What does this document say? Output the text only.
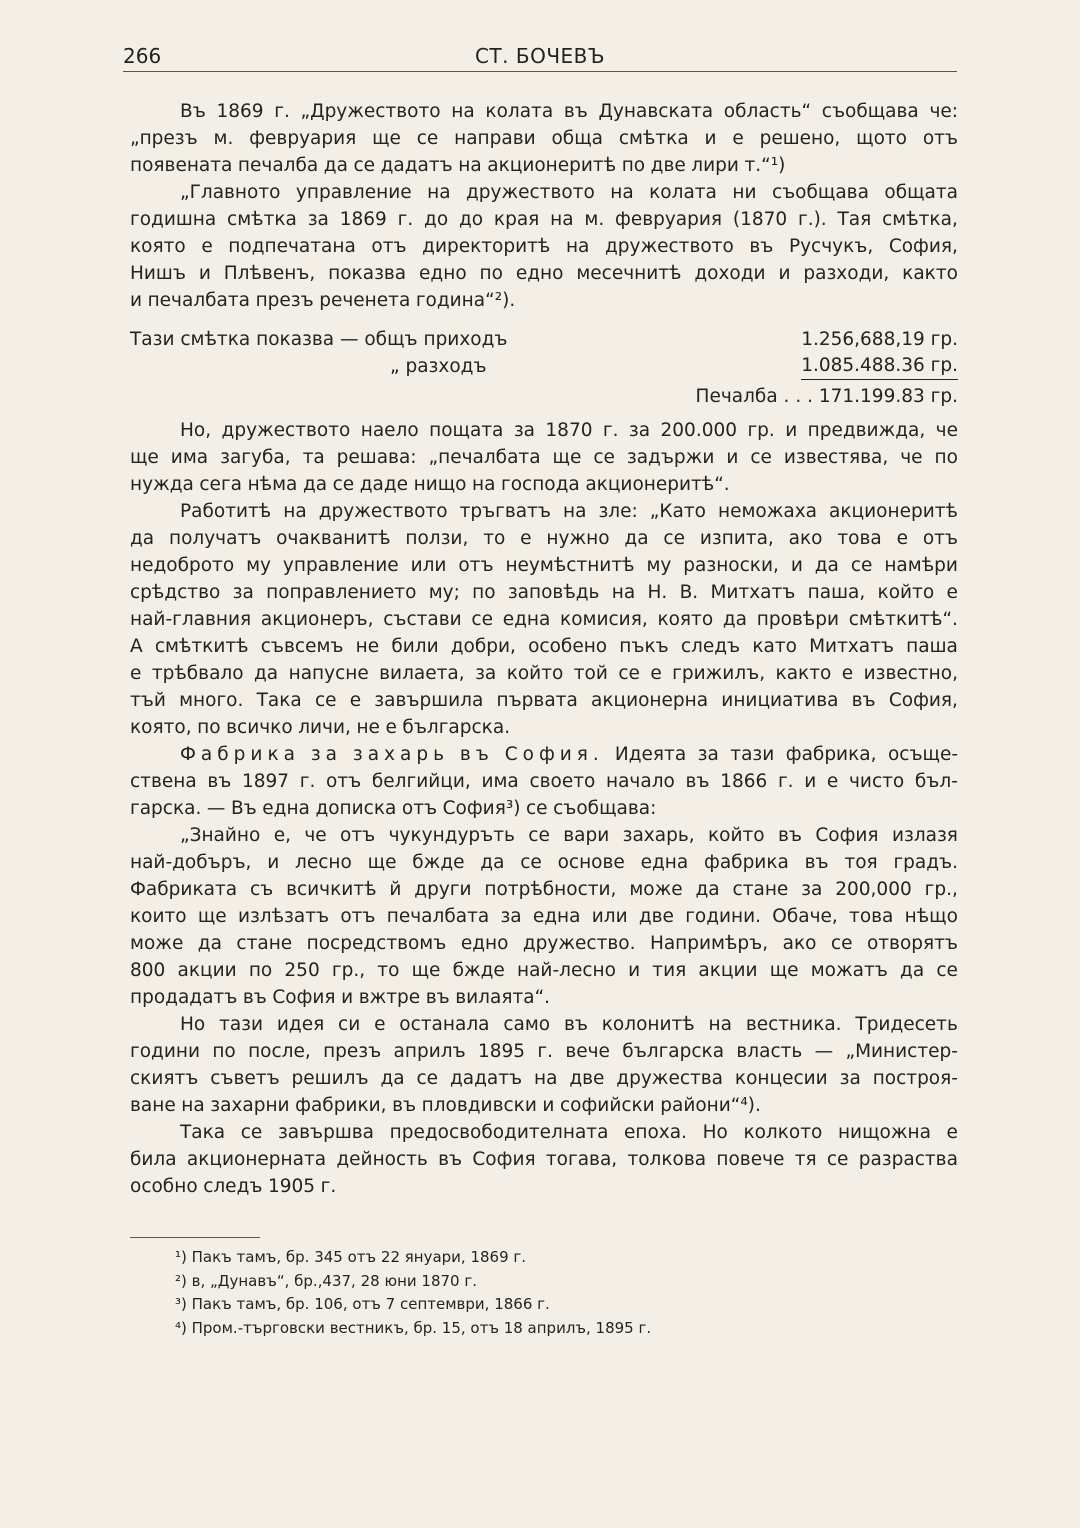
266	СТ. БОЧЕВЪ
Въ 1869 г. „Дружеството на колата въ Дунавската область“ съобщава че:
„презъ м. февруария ще се направи обща смѣтка и е решено, щото отъ
появената печалба да се дадатъ на акционеритѣ по две лири т.“¹)
„Главното управление на дружеството на колата ни съобщава общата
годишна смѣтка за 1869 г. до до края на м. февруария (1870 г.). Тая смѣтка,
която е подпечатана отъ директоритѣ на дружеството въ Русчукъ, София,
Нишъ и Плѣвенъ, показва едно по едно месечнитѣ доходи и разходи, както
и печалбата презъ реченета година“²).
Тази смѣтка показва — общъ приходъ	1.256,688,19 гр.
„ разходъ	1.085.488.36 гр.
Печалба . . . 171.199.83 гр.
Но, дружеството наело пощата за 1870 г. за 200.000 гр. и предвижда, че
ще има загуба, та решава: „печалбата ще се задържи и се известява, че по
нужда сега нѣма да се даде нищо на господа акционеритѣ“.
Работитѣ на дружеството тръгватъ на зле: „Като неможаха акционеритѣ
да получатъ очакванитѣ ползи, то е нужно да се изпита, ако това е отъ
недоброто му управление или отъ неумѣстнитѣ му разноски, и да се намѣри
срѣдство за поправлението му; по заповѣдь на Н. В. Митхатъ паша, който е
най-главния акционеръ, състави се една комисия, която да провѣри смѣткитѣ“.
А смѣткитѣ съвсемъ не били добри, особено пъкъ следъ като Митхатъ паша
е трѣбвало да напусне вилаета, за който той се е грижилъ, както е известно,
тъй много. Така се е завършила първата акционерна инициатива въ София,
която, по всичко личи, не е българска.
Фабрика за захарь въ София. Идеята за тази фабрика, осъще-
ствена въ 1897 г. отъ белгийци, има своето начало въ 1866 г. и е чисто бъл-
гарска. — Въ една дописка отъ София³) се съобщава:
„Знайно е, че отъ чукундуръть се вари захарь, който въ София излазя
най-добъръ, и лесно ще бжде да се основе една фабрика въ тоя градъ.
Фабриката съ всичкитѣ й други потрѣбности, може да стане за 200,000 гр.,
които ще излѣзатъ отъ печалбата за една или две години. Обаче, това нѣщо
може да стане посредствомъ едно дружество. Напримѣръ, ако се отворятъ
800 акции по 250 гр., то ще бжде най-лесно и тия акции ще можатъ да се
продадатъ въ София и вжтре въ вилаята“.
Но тази идея си е останала само въ колонитѣ на вестника. Тридесеть
години по после, презъ априлъ 1895 г. вече българска власть — „Министер-
скиятъ съветъ решилъ да се дадатъ на две дружества концесии за построя-
ване на захарни фабрики, въ пловдивски и софийски райони“⁴).
Така се завършва предосвободителната епоха. Но колкото нищожна е
била акционерната дейность въ София тогава, толкова повече тя се разраства
особно следъ 1905 г.
¹) Пакъ тамъ, бр. 345 отъ 22 януари, 1869 г.
²) в, „Дунавъ“, бр.‚437, 28 юни 1870 г.
³) Пакъ тамъ, бр. 106, отъ 7 септември, 1866 г.
⁴) Пром.-търговски вестникъ, бр. 15, отъ 18 априлъ, 1895 г.
